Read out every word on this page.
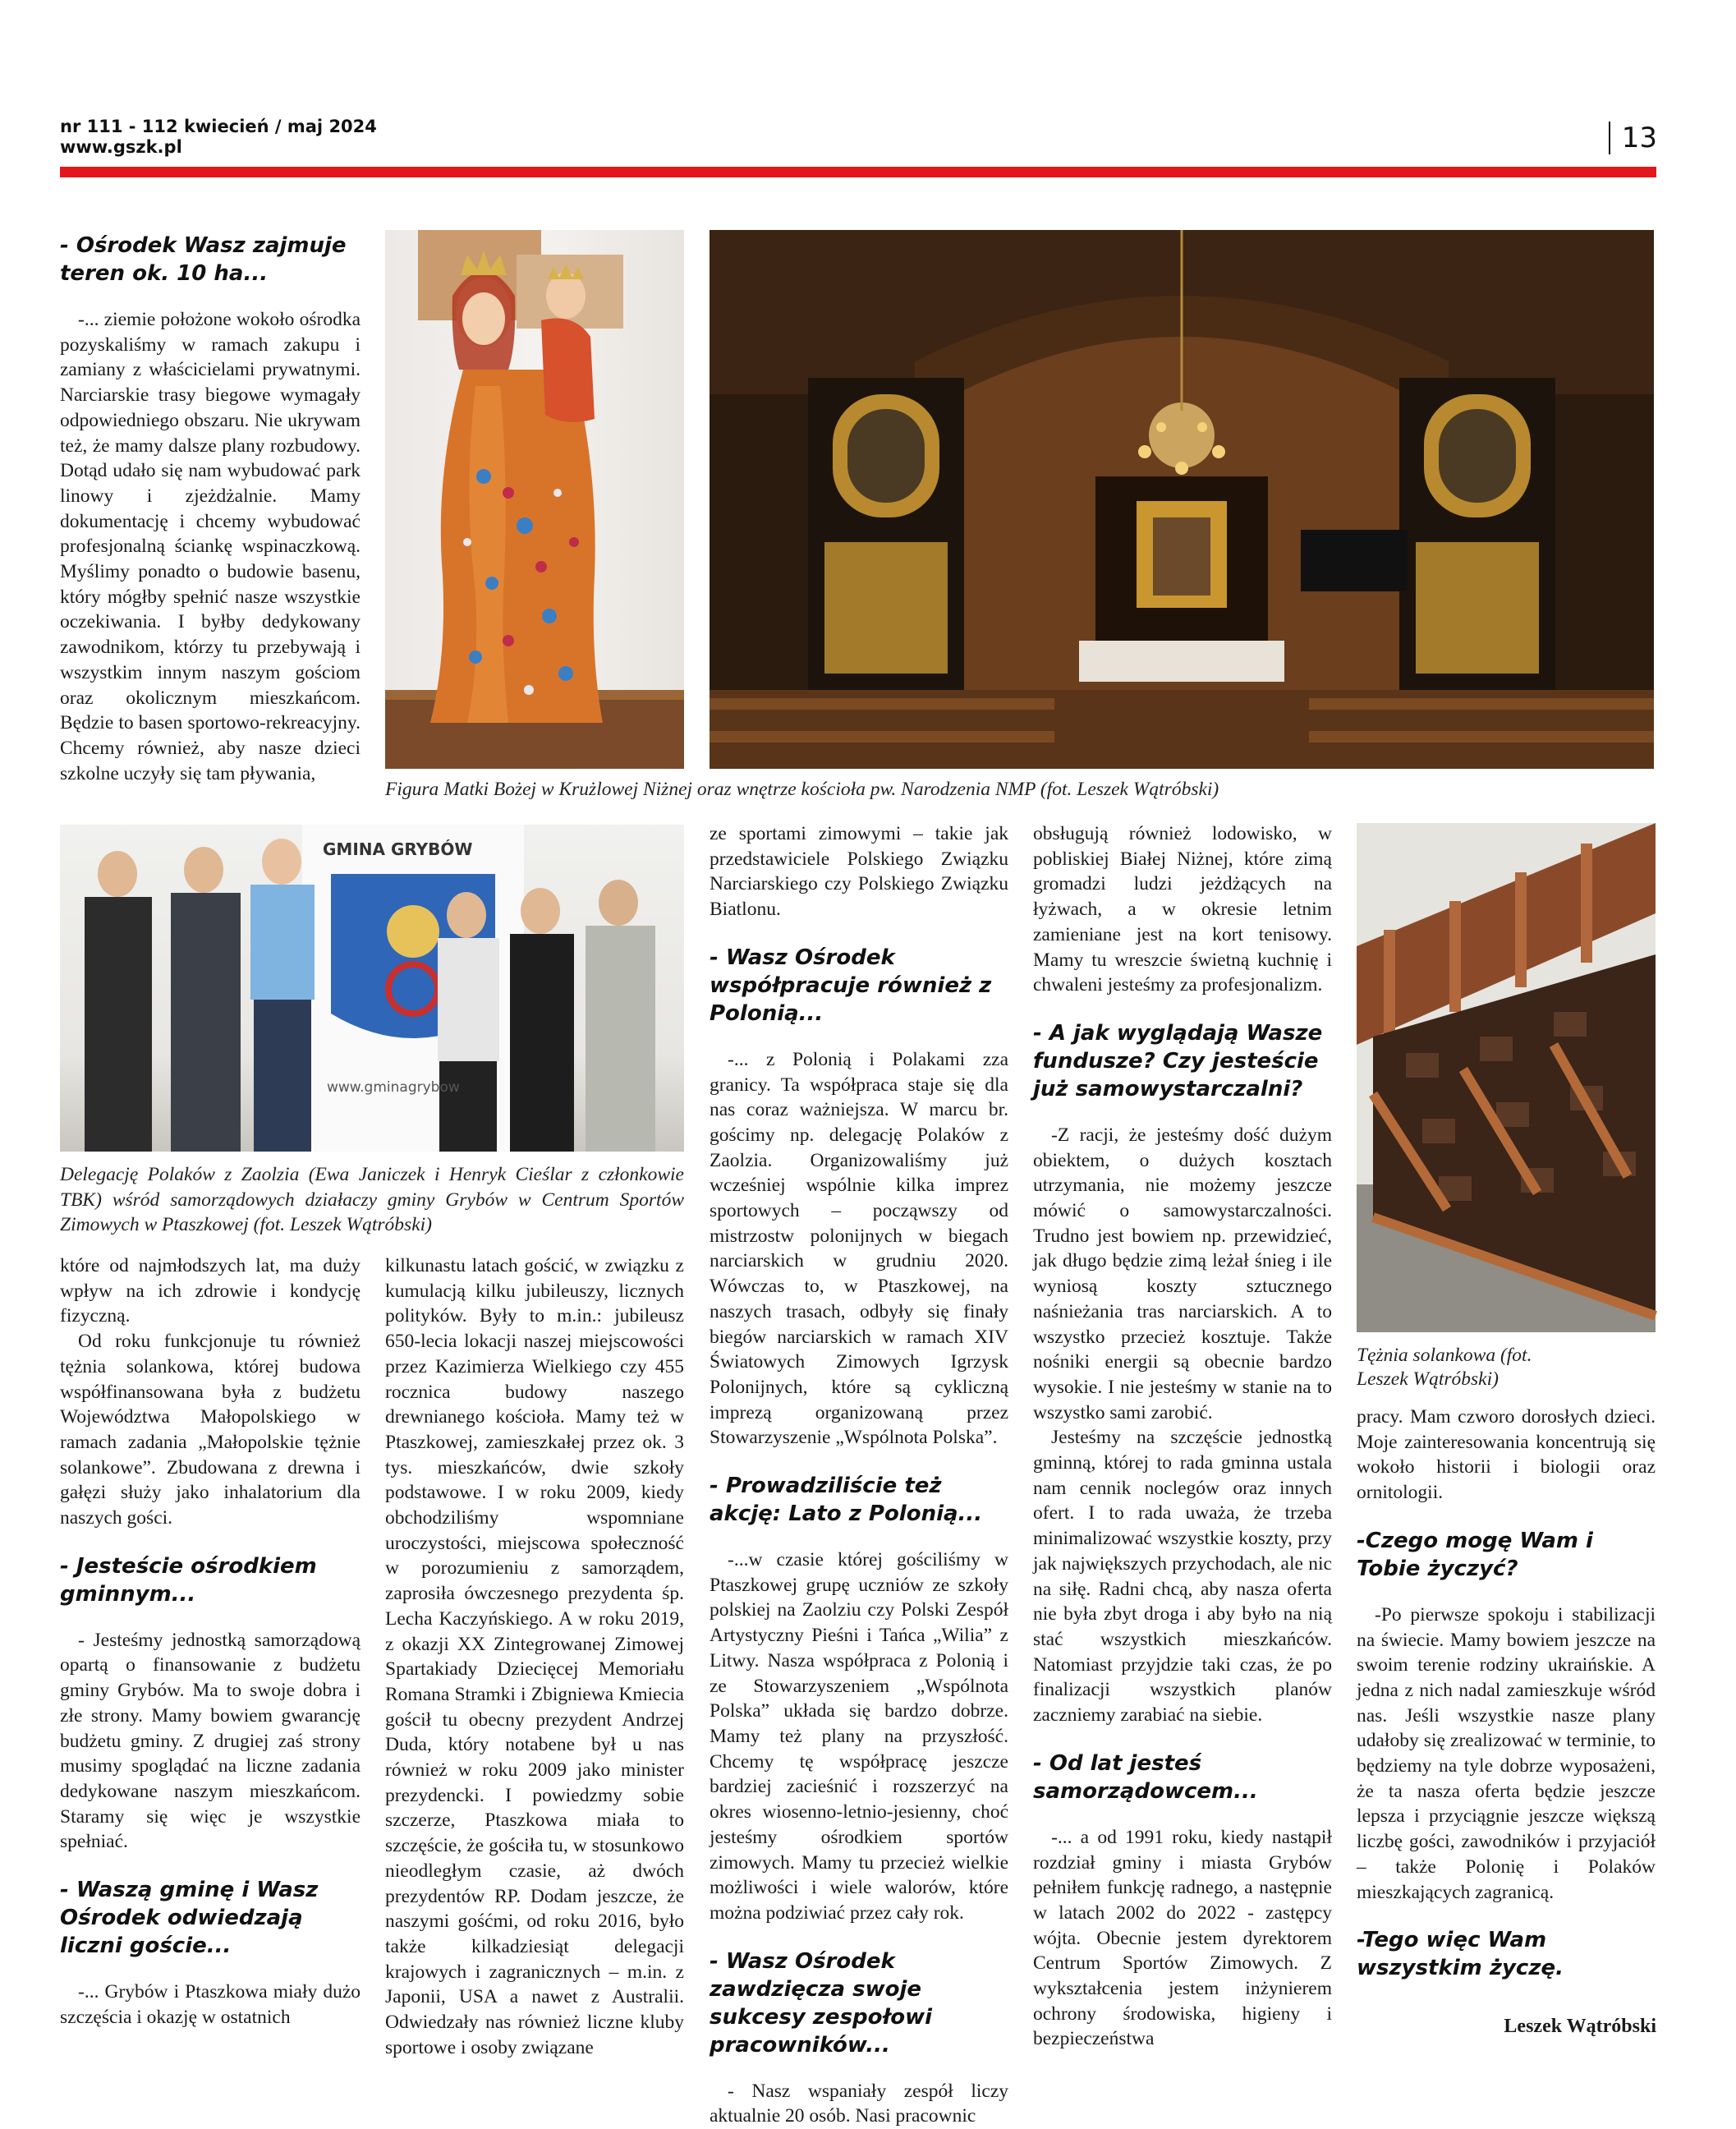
nr 111 - 112 kwiecień / maj 2024
www.gszk.pl	13
- Ośrodek Wasz zajmuje teren ok. 10 ha...

-... ziemie położone wokoło ośrodka pozyskaliśmy w ramach zakupu i zamiany z właścicielami prywatnymi. Narciarskie trasy biegowe wymagały odpowiedniego obszaru. Nie ukrywam też, że mamy dalsze plany rozbudowy. Dotąd udało się nam wybudować park linowy i zjeżdżalnie. Mamy dokumentację i chcemy wybudować profesjonalną ściankę wspinaczkową. Myślimy ponadto o budowie basenu, który mógłby spełnić nasze wszystkie oczekiwania. I byłby dedykowany zawodnikom, którzy tu przebywają i wszystkim innym naszym gościom oraz okolicznym mieszkańcom. Będzie to basen sportowo-rekreacyjny. Chcemy również, aby nasze dzieci szkolne uczyły się tam pływania,

Figura Matki Bożej w Krużlowej Niżnej oraz wnętrze kościoła pw. Narodzenia NMP (fot. Leszek Wątróbski)
GMINA GRYBÓW
www.gminagrybow
Delegację Polaków z Zaolzia (Ewa Janiczek i Henryk Cieślar z członkowie TBK) wśród samorządowych działaczy gminy Grybów w Centrum Sportów Zimowych w Ptaszkowej (fot. Leszek Wątróbski)

które od najmłodszych lat, ma duży wpływ na ich zdrowie i kondycję fizyczną.

Od roku funkcjonuje tu również tężnia solankowa, której budowa współfinansowana była z budżetu Województwa Małopolskiego w ramach zadania „Małopolskie tężnie solankowe”. Zbudowana z drewna i gałęzi służy jako inhalatorium dla naszych gości.

- Jesteście ośrodkiem gminnym...

- Jesteśmy jednostką samorządową opartą o finansowanie z budżetu gminy Grybów. Ma to swoje dobra i złe strony. Mamy bowiem gwarancję budżetu gminy. Z drugiej zaś strony musimy spoglądać na liczne zadania dedykowane naszym mieszkańcom. Staramy się więc je wszystkie spełniać.

- Waszą gminę i Wasz Ośrodek odwiedzają liczni goście...

-... Grybów i Ptaszkowa miały dużo szczęścia i okazję w ostatnich

kilkunastu latach gościć, w związku z kumulacją kilku jubileuszy, licznych polityków. Były to m.in.: jubileusz 650-lecia lokacji naszej miejscowości przez Kazimierza Wielkiego czy 455 rocznica budowy naszego drewnianego kościoła. Mamy też w Ptaszkowej, zamieszkałej przez ok. 3 tys. mieszkańców, dwie szkoły podstawowe. I w roku 2009, kiedy obchodziliśmy wspomniane uroczystości, miejscowa społeczność w porozumieniu z samorządem, zaprosiła ówczesnego prezydenta śp. Lecha Kaczyńskiego. A w roku 2019, z okazji XX Zintegrowanej Zimowej Spartakiady Dziecięcej Memoriału Romana Stramki i Zbigniewa Kmiecia gościł tu obecny prezydent Andrzej Duda, który notabene był u nas również w roku 2009 jako minister prezydencki. I powiedzmy sobie szczerze, Ptaszkowa miała to szczęście, że gościła tu, w stosunkowo nieodległym czasie, aż dwóch prezydentów RP. Dodam jeszcze, że naszymi gośćmi, od roku 2016, było także kilkadziesiąt delegacji krajowych i zagranicznych – m.in. z Japonii, USA a nawet z Australii. Odwiedzały nas również liczne kluby sportowe i osoby związane

ze sportami zimowymi – takie jak przedstawiciele Polskiego Związku Narciarskiego czy Polskiego Związku Biatlonu.

- Wasz Ośrodek współpracuje również z Polonią...

-... z Polonią i Polakami zza granicy. Ta współpraca staje się dla nas coraz ważniejsza. W marcu br. gościmy np. delegację Polaków z Zaolzia. Organizowaliśmy już wcześniej wspólnie kilka imprez sportowych – począwszy od mistrzostw polonijnych w biegach narciarskich w grudniu 2020. Wówczas to, w Ptaszkowej, na naszych trasach, odbyły się finały biegów narciarskich w ramach XIV Światowych Zimowych Igrzysk Polonijnych, które są cykliczną imprezą organizowaną przez Stowarzyszenie „Wspólnota Polska”.

- Prowadziliście też akcję: Lato z Polonią...

-...w czasie której gościliśmy w Ptaszkowej grupę uczniów ze szkoły polskiej na Zaolziu czy Polski Zespół Artystyczny Pieśni i Tańca „Wilia” z Litwy. Nasza współpraca z Polonią i ze Stowarzyszeniem „Wspólnota Polska” układa się bardzo dobrze. Mamy też plany na przyszłość. Chcemy tę współpracę jeszcze bardziej zacieśnić i rozszerzyć na okres wiosenno-letnio-jesienny, choć jesteśmy ośrodkiem sportów zimowych. Mamy tu przecież wielkie możliwości i wiele walorów, które można podziwiać przez cały rok.

- Wasz Ośrodek zawdzięcza swoje sukcesy zespołowi pracowników...

- Nasz wspaniały zespół liczy aktualnie 20 osób. Nasi pracownic

obsługują również lodowisko, w pobliskiej Białej Niżnej, które zimą gromadzi ludzi jeżdżących na łyżwach, a w okresie letnim zamieniane jest na kort tenisowy. Mamy tu wreszcie świetną kuchnię i chwaleni jesteśmy za profesjonalizm.

- A jak wyglądają Wasze fundusze? Czy jesteście już samowystarczalni?

-Z racji, że jesteśmy dość dużym obiektem, o dużych kosztach utrzymania, nie możemy jeszcze mówić o samowystarczalności. Trudno jest bowiem np. przewidzieć, jak długo będzie zimą leżał śnieg i ile wyniosą koszty sztucznego naśnieżania tras narciarskich. A to wszystko przecież kosztuje. Także nośniki energii są obecnie bardzo wysokie. I nie jesteśmy w stanie na to wszystko sami zarobić.

Jesteśmy na szczęście jednostką gminną, której to rada gminna ustala nam cennik noclegów oraz innych ofert. I to rada uważa, że trzeba minimalizować wszystkie koszty, przy jak największych przychodach, ale nic na siłę. Radni chcą, aby nasza oferta nie była zbyt droga i aby było na nią stać wszystkich mieszkańców. Natomiast przyjdzie taki czas, że po finalizacji wszystkich planów zaczniemy zarabiać na siebie.

- Od lat jesteś samorządowcem...

-... a od 1991 roku, kiedy nastąpił rozdział gminy i miasta Grybów pełniłem funkcję radnego, a następnie w latach 2002 do 2022 - zastępcy wójta. Obecnie jestem dyrektorem Centrum Sportów Zimowych. Z wykształcenia jestem inżynierem ochrony środowiska, higieny i bezpieczeństwa

Tężnia solankowa (fot. Leszek Wątróbski)

pracy. Mam czworo dorosłych dzieci. Moje zainteresowania koncentrują się wokoło historii i biologii oraz ornitologii.

-Czego mogę Wam i Tobie życzyć?

-Po pierwsze spokoju i stabilizacji na świecie. Mamy bowiem jeszcze na swoim terenie rodziny ukraińskie. A jedna z nich nadal zamieszkuje wśród nas. Jeśli wszystkie nasze plany udałoby się zrealizować w terminie, to będziemy na tyle dobrze wyposażeni, że ta nasza oferta będzie jeszcze lepsza i przyciągnie jeszcze większą liczbę gości, zawodników i przyjaciół – także Polonię i Polaków mieszkających zagranicą.

-Tego więc Wam wszystkim życzę.
Leszek Wątróbski
